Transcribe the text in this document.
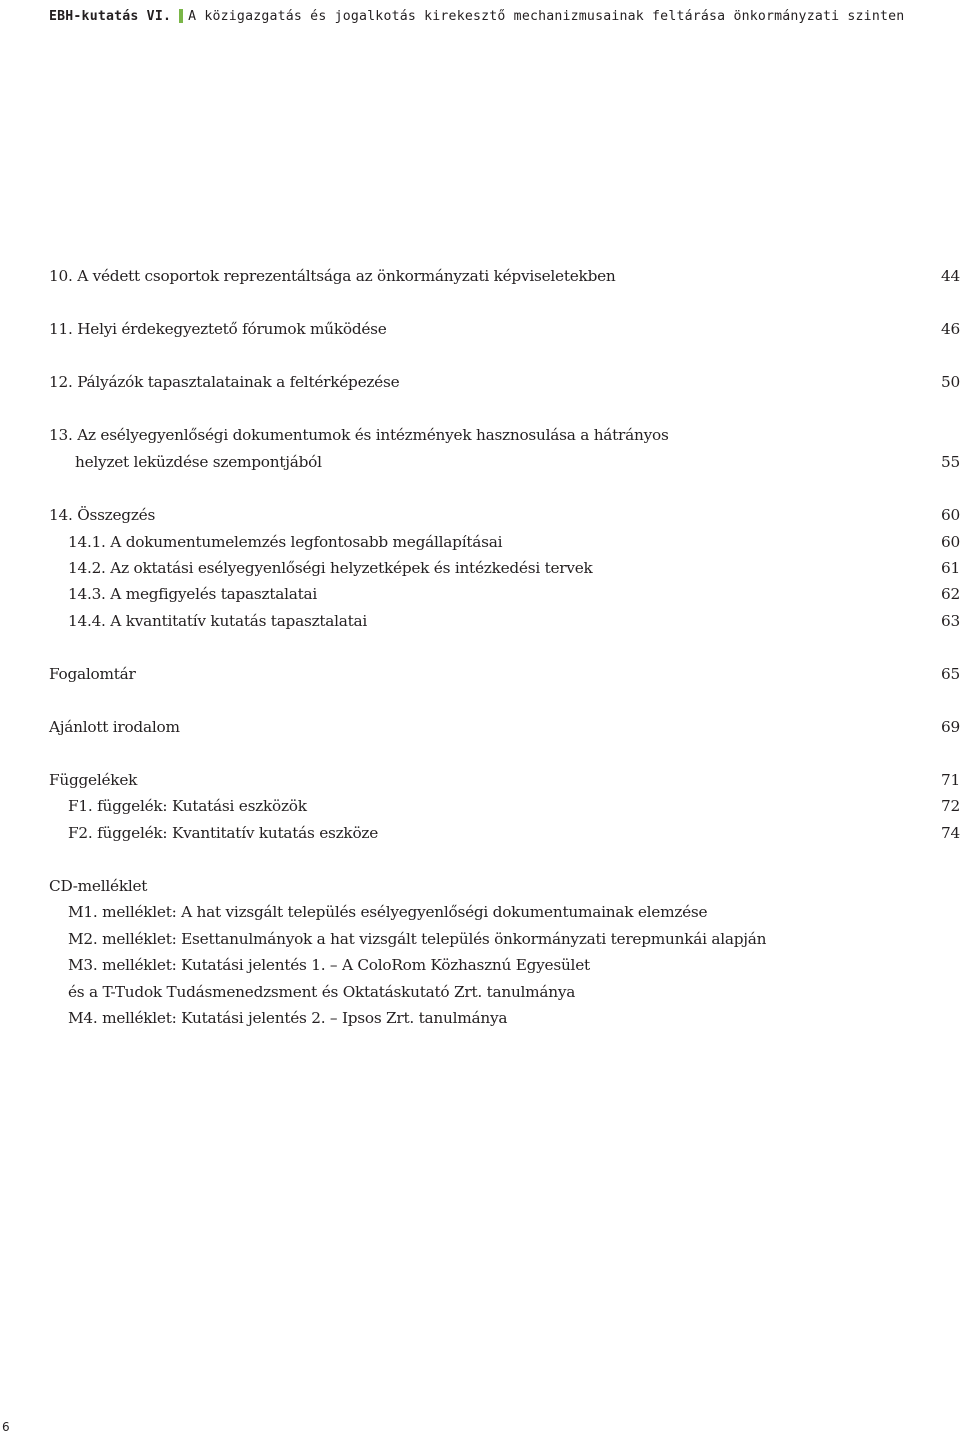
EBH-kutatás VI. A közigazgatás és jogalkotás kirekesztő mechanizmusainak feltárása önkormányzati szinten
10. A védett csoportok reprezentáltsága az önkormányzati képviseletekben	44
11. Helyi érdekegyeztető fórumok működése	46
12. Pályázók tapasztalatainak a feltérképezése	50
13. Az esélyegyenlőségi dokumentumok és intézmények hasznosulása a hátrányos
helyzet leküzdése szempontjából	55
14. Összegzés	60
14.1. A dokumentumelemzés legfontosabb megállapításai	60
14.2. Az oktatási esélyegyenlőségi helyzetképek és intézkedési tervek	61
14.3. A megfigyelés tapasztalatai	62
14.4. A kvantitatív kutatás tapasztalatai	63
Fogalomtár	65
Ajánlott irodalom	69
Függelékek	71
F1. függelék: Kutatási eszközök	72
F2. függelék: Kvantitatív kutatás eszköze	74
CD-melléklet
M1. melléklet: A hat vizsgált település esélyegyenlőségi dokumentumainak elemzése
M2. melléklet: Esettanulmányok a hat vizsgált település önkormányzati terepmunkái alapján
M3. melléklet: Kutatási jelentés 1. – A ColoRom Közhasznú Egyesület
és a T-Tudok Tudásmenedzsment és Oktatáskutató Zrt. tanulmánya
M4. melléklet: Kutatási jelentés 2. – Ipsos Zrt. tanulmánya
6
